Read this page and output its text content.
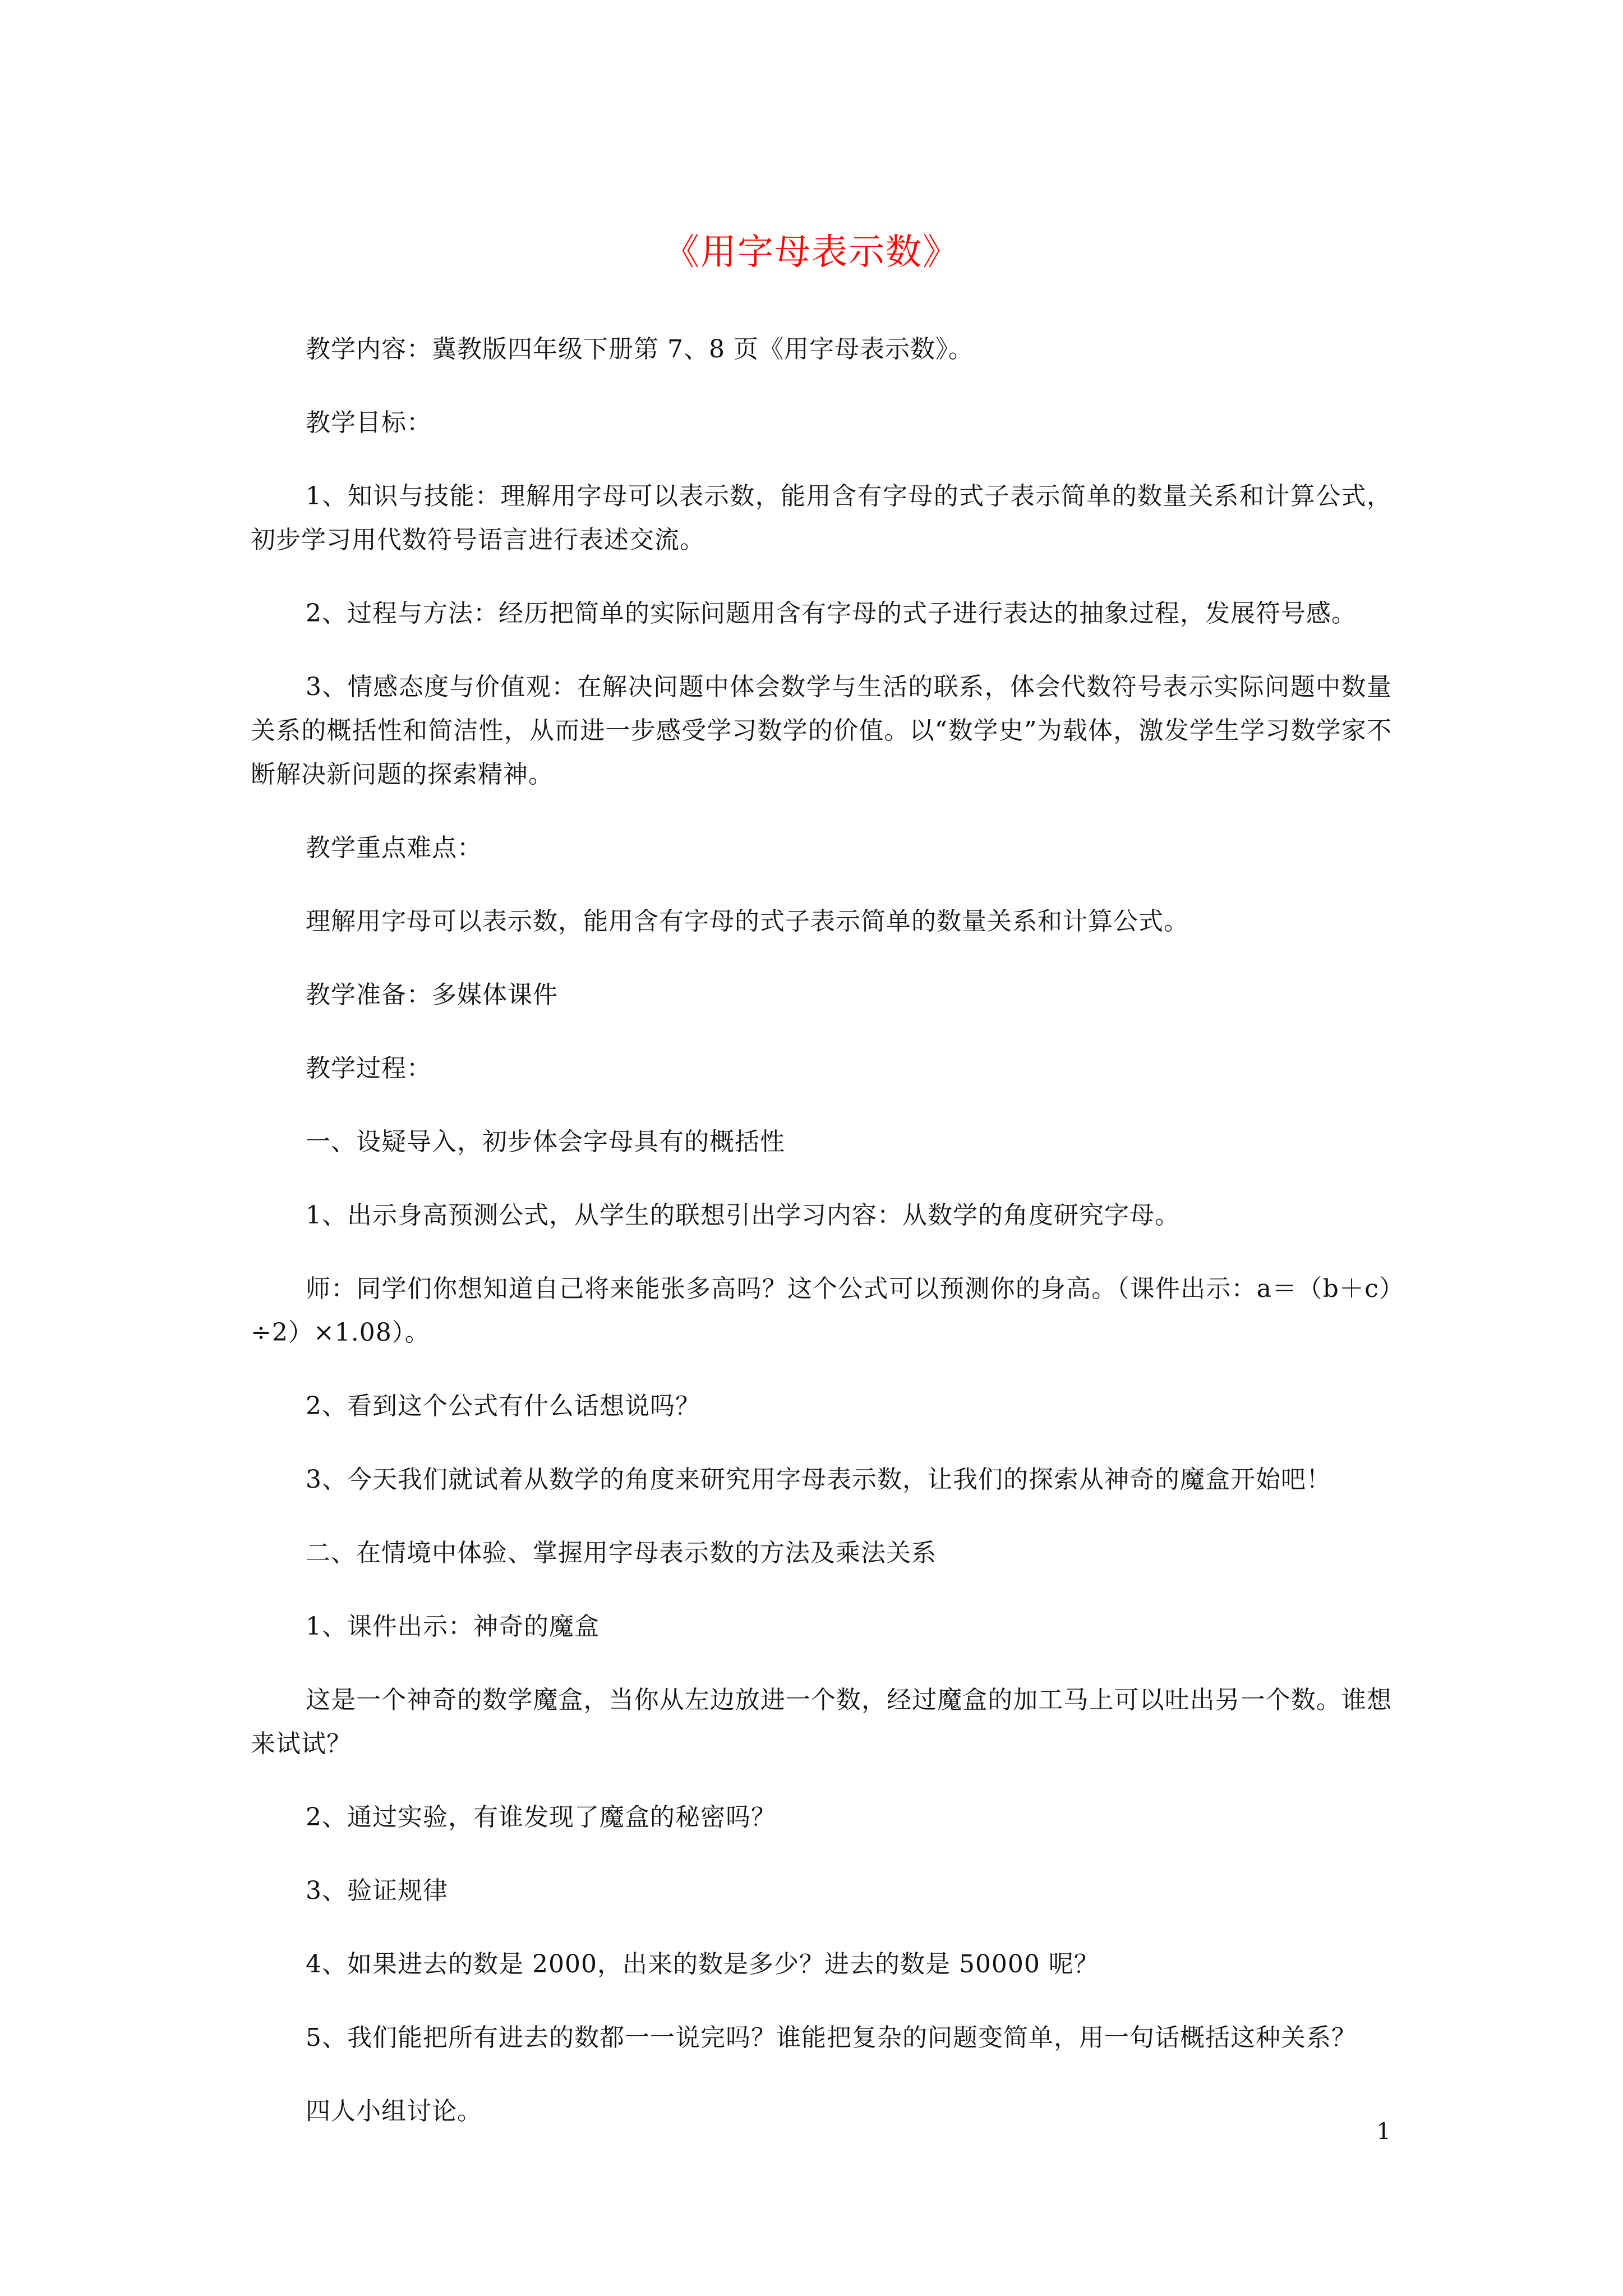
《用字母表示数》

教学内容：冀教版四年级下册第 7、8 页《用字母表示数》。

教学目标：

1、知识与技能：理解用字母可以表示数，能用含有字母的式子表示简单的数量关系和计算公式，初步学习用代数符号语言进行表述交流。

2、过程与方法：经历把简单的实际问题用含有字母的式子进行表达的抽象过程，发展符号感。

3、情感态度与价值观：在解决问题中体会数学与生活的联系，体会代数符号表示实际问题中数量关系的概括性和简洁性，从而进一步感受学习数学的价值。以“数学史”为载体，激发学生学习数学家不断解决新问题的探索精神。

教学重点难点：

理解用字母可以表示数，能用含有字母的式子表示简单的数量关系和计算公式。

教学准备：多媒体课件

教学过程：

一、设疑导入，初步体会字母具有的概括性

1、出示身高预测公式，从学生的联想引出学习内容：从数学的角度研究字母。

师：同学们你想知道自己将来能张多高吗？这个公式可以预测你的身高。（课件出示：a＝（b＋c）÷2）×1.08）。

2、看到这个公式有什么话想说吗？

3、今天我们就试着从数学的角度来研究用字母表示数，让我们的探索从神奇的魔盒开始吧！

二、在情境中体验、掌握用字母表示数的方法及乘法关系

1、课件出示：神奇的魔盒

这是一个神奇的数学魔盒，当你从左边放进一个数，经过魔盒的加工马上可以吐出另一个数。谁想来试试？

2、通过实验，有谁发现了魔盒的秘密吗？

3、验证规律

4、如果进去的数是 2000，出来的数是多少？进去的数是 50000 呢？

5、我们能把所有进去的数都一一说完吗？谁能把复杂的问题变简单，用一句话概括这种关系？

四人小组讨论。

1
